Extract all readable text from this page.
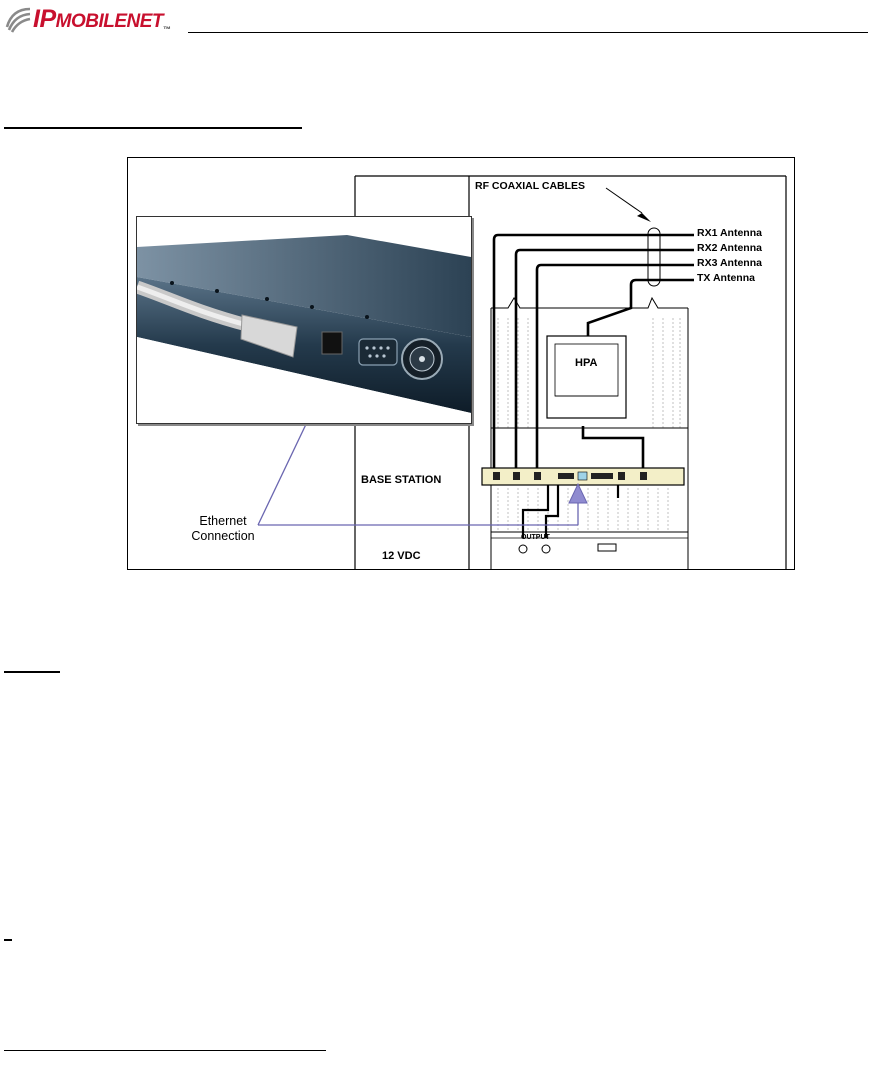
IPMOBILENET™
RF COAXIAL CABLES
RX1 Antenna
RX2 Antenna
RX3 Antenna
TX Antenna
HPA
BASE STATION
12 VDC
OUTPUT
Ethernet
Connection
